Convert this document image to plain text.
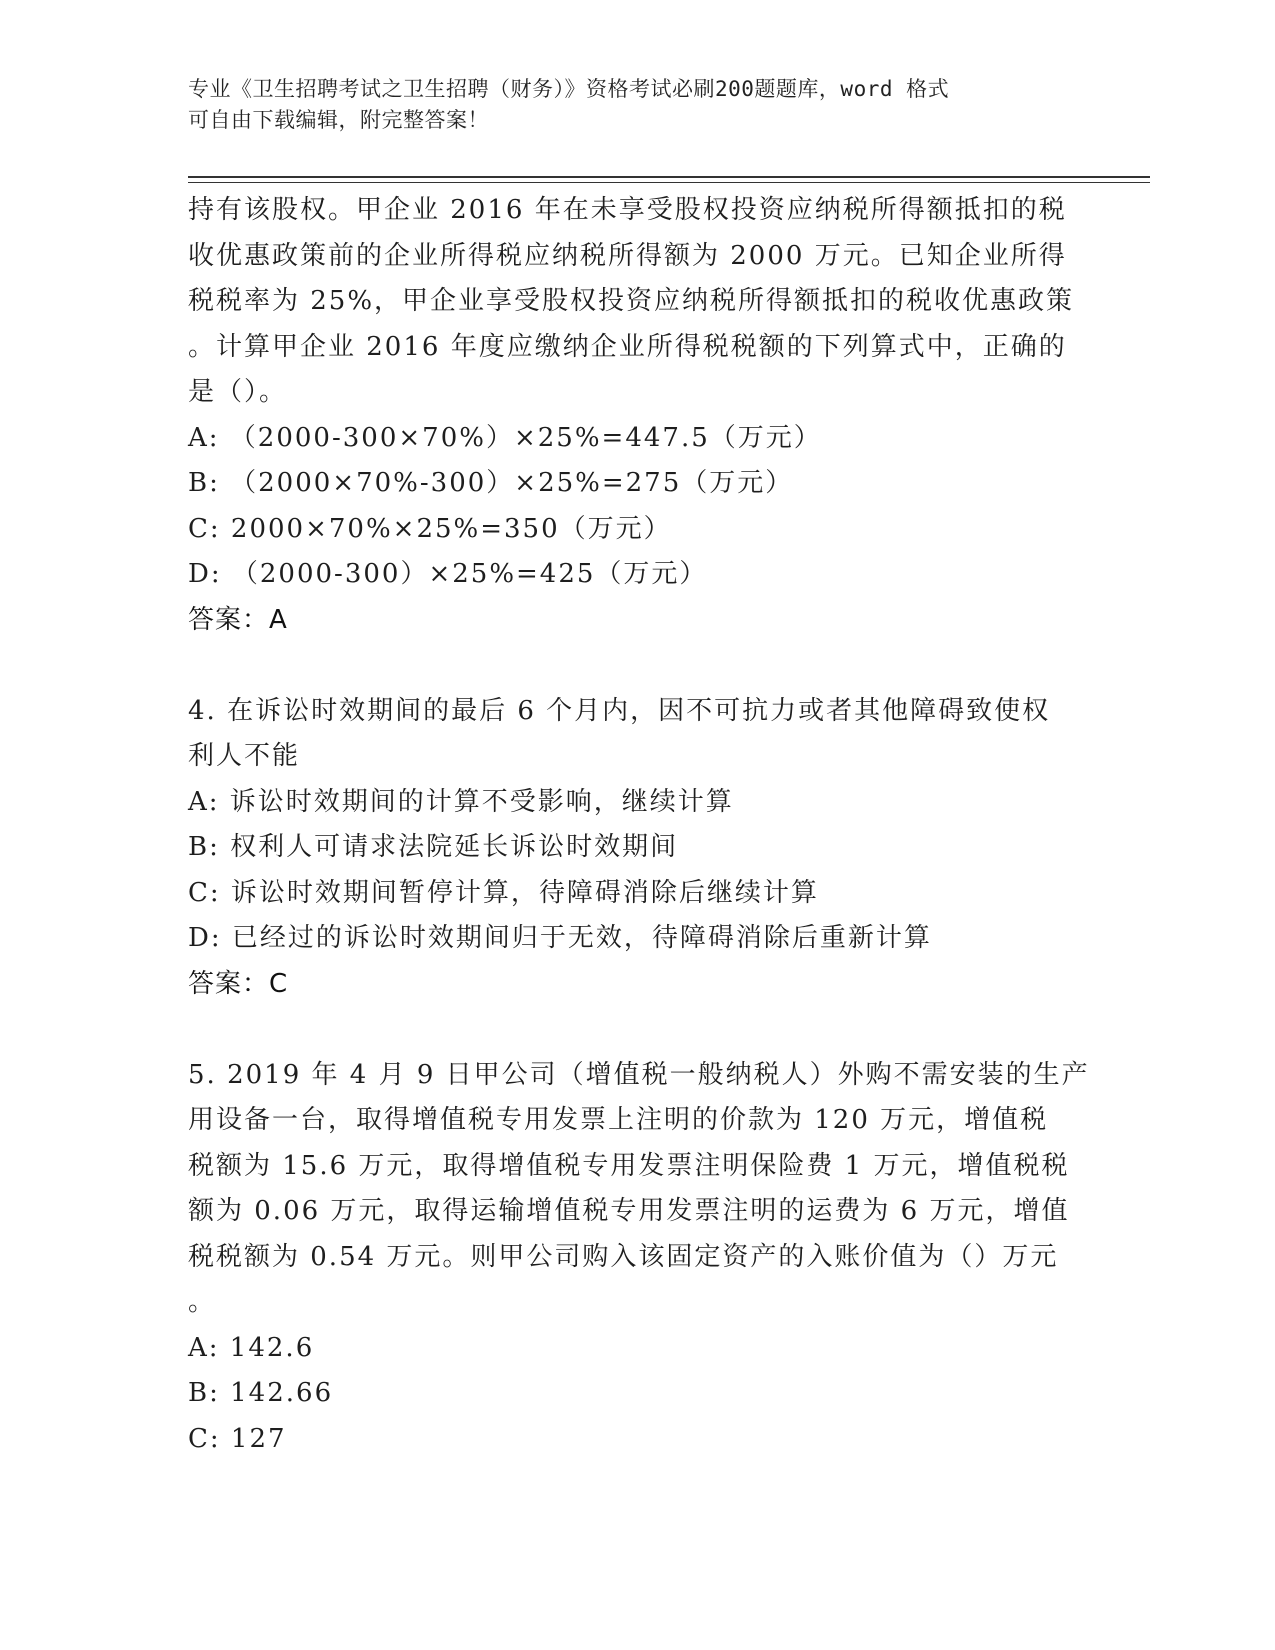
专业《卫生招聘考试之卫生招聘（财务）》资格考试必刷200题题库，word 格式
可自由下载编辑，附完整答案！
持有该股权。甲企业 2016 年在未享受股权投资应纳税所得额抵扣的税
收优惠政策前的企业所得税应纳税所得额为 2000 万元。已知企业所得
税税率为 25%，甲企业享受股权投资应纳税所得额抵扣的税收优惠政策
。计算甲企业 2016 年度应缴纳企业所得税税额的下列算式中，正确的
是（）。
A: （2000-300×70%）×25%=447.5（万元）
B: （2000×70%-300）×25%=275（万元）
C: 2000×70%×25%=350（万元）
D: （2000-300）×25%=425（万元）
答案：A
4. 在诉讼时效期间的最后 6 个月内，因不可抗力或者其他障碍致使权
利人不能
A: 诉讼时效期间的计算不受影响，继续计算
B: 权利人可请求法院延长诉讼时效期间
C: 诉讼时效期间暂停计算，待障碍消除后继续计算
D: 已经过的诉讼时效期间归于无效，待障碍消除后重新计算
答案：C
5. 2019 年 4 月 9 日甲公司（增值税一般纳税人）外购不需安装的生产
用设备一台，取得增值税专用发票上注明的价款为 120 万元，增值税
税额为 15.6 万元，取得增值税专用发票注明保险费 1 万元，增值税税
额为 0.06 万元，取得运输增值税专用发票注明的运费为 6 万元，增值
税税额为 0.54 万元。则甲公司购入该固定资产的入账价值为（）万元
。
A: 142.6
B: 142.66
C: 127
